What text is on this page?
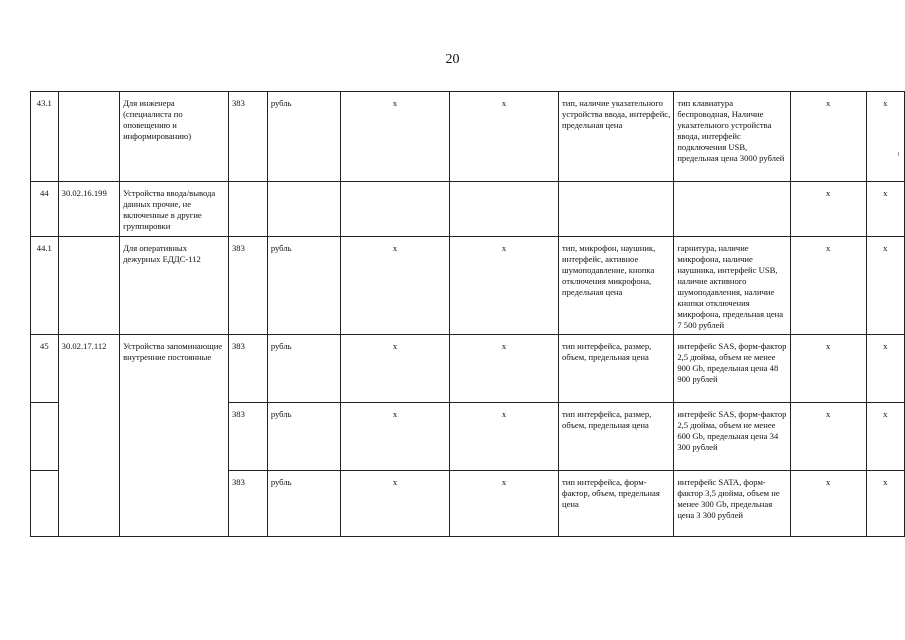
20
43.1		Для инженера (специалиста по оповещению и информированию)	383	рубль	x	x	тип, наличие указательного устройства ввода, интерфейс, предельная цена	тип клавиатура беспроводная, Наличие указательного устройства ввода, интерфейс подключения USB, предельная цена 3000 рублей	x	x
44	30.02.16.199	Устройства ввода/вывода данных прочие, не включенные в другие группировки							x	x
44.1		Для оперативных дежурных ЕДДС-112	383	рубль	x	x	тип, микрофон, наушник, интерфейс, активное шумоподавление, кнопка отключения микрофона, предельная цена	гарнитура, наличие микрофона, наличие наушника, интерфейс USB, наличие активного шумоподавления, наличие кнопки отключения микрофона, предельная цена 7 500 рублей	x	x
45	30.02.17.112	Устройства запоминающие внутренние постоянные	383	рубль	x	x	тип интерфейса, размер, объем, предельная цена	интерфейс SAS, форм-фактор 2,5 дюйма, объем не менее 900 Gb, предельная цена 48 900 рублей	x	x
			383	рубль	x	x	тип интерфейса, размер, объем, предельная цена	интерфейс SAS, форм-фактор 2,5 дюйма, объем не менее 600 Gb, предельная цена 34 300 рублей	x	x
			383	рубль	x	x	тип интерфейса, форм-фактор, объем, предельная цена	интерфейс SATA, форм-фактор 3,5 дюйма, объем не менее 300 Gb, предельная цена 3 300 рублей	x	x
